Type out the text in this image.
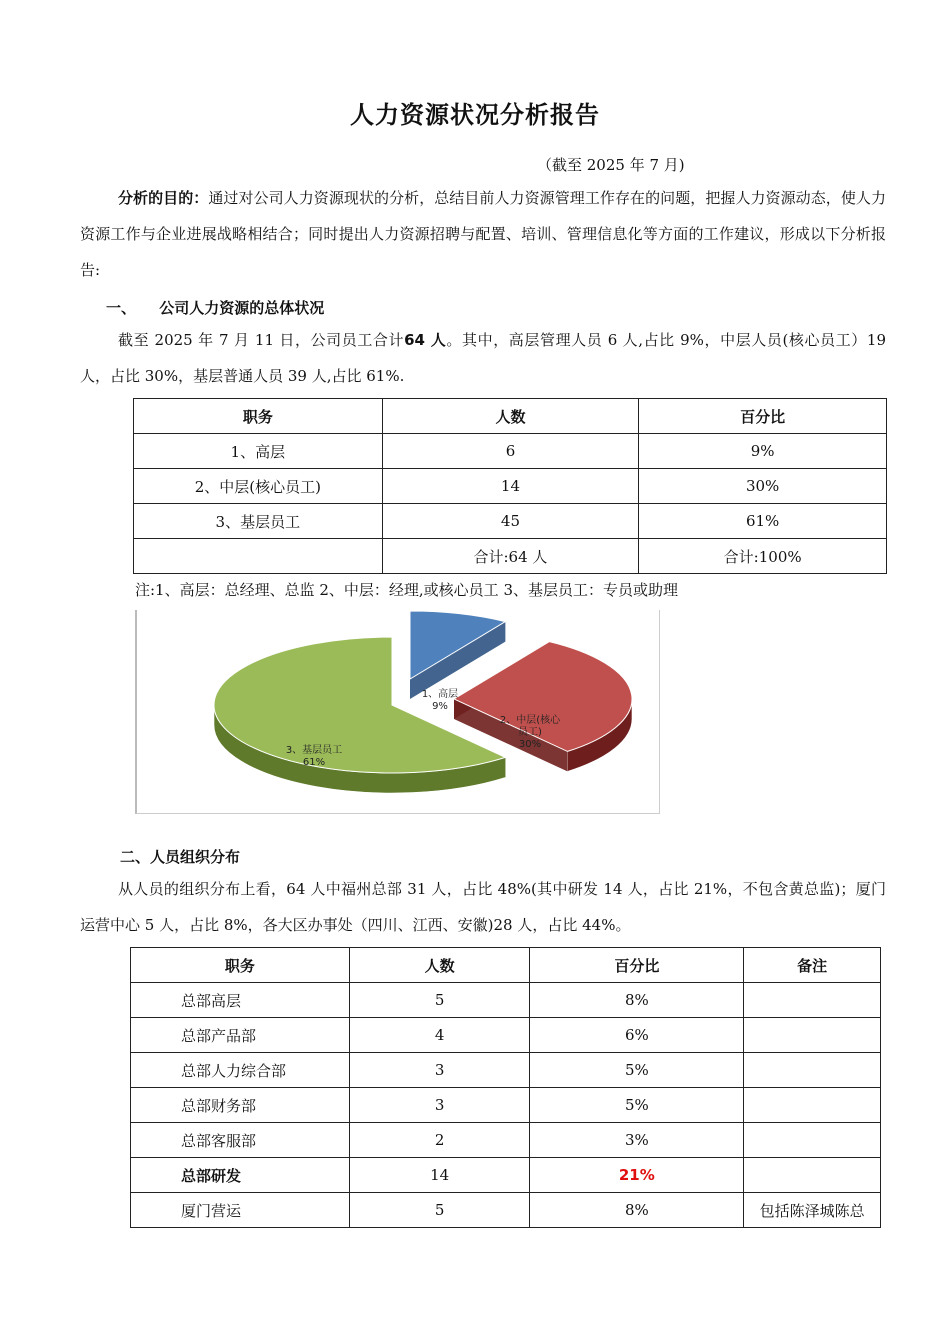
人力资源状况分析报告
（截至 2025 年 7 月)
分析的目的：通过对公司人力资源现状的分析，总结目前人力资源管理工作存在的问题，把握人力资源动态，使人力资源工作与企业进展战略相结合；同时提出人力资源招聘与配置、培训、管理信息化等方面的工作建议，形成以下分析报告:
一、 公司人力资源的总体状况
截至 2025 年 7 月 11 日，公司员工合计64 人。其中，高层管理人员 6 人,占比 9%，中层人员(核心员工）19 人，占比 30%，基层普通人员 39 人,占比 61%.
职务	人数	百分比
1、高层	6	9%
2、中层(核心员工)	14	30%
3、基层员工	45	61%
	合计:64 人	合计:100%
注:1、高层：总经理、总监 2、中层：经理,或核心员工 3、基层员工：专员或助理
1、高层
9%
2、中层(核心
员工)
30%
3、基层员工
61%
二、人员组织分布
从人员的组织分布上看，64 人中福州总部 31 人，占比 48%(其中研发 14 人，占比 21%，不包含黄总监)；厦门运营中心 5 人，占比 8%，各大区办事处（四川、江西、安徽)28 人，占比 44%。
职务	人数	百分比	备注
总部高层	5	8%	
总部产品部	4	6%	
总部人力综合部	3	5%	
总部财务部	3	5%	
总部客服部	2	3%	
总部研发	14	21%	
厦门营运	5	8%	包括陈泽城陈总
